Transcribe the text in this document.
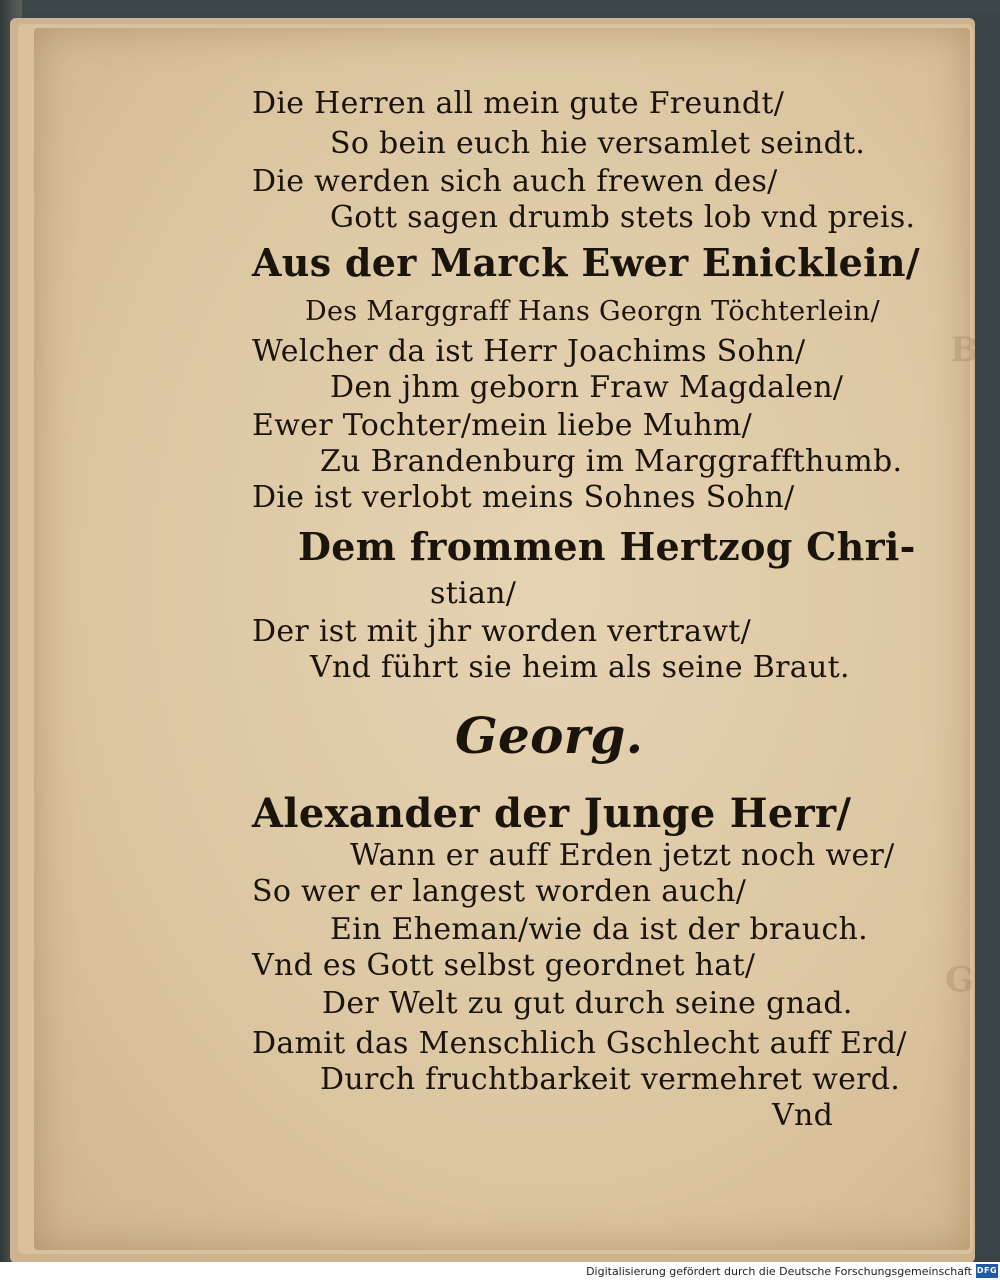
B
G
Die Herren all mein gute Freundt/
So bein euch hie versamlet seindt.
Die werden sich auch frewen des/
Gott sagen drumb stets lob vnd preis.
Aus der Marck Ewer Enicklein/
Des Marggraff Hans Georgn Töchterlein/
Welcher da ist Herr Joachims Sohn/
Den jhm geborn Fraw Magdalen/
Ewer Tochter/mein liebe Muhm/
Zu Brandenburg im Marggraffthumb.
Die ist verlobt meins Sohnes Sohn/
Dem frommen Hertzog Chri-
stian/
Der ist mit jhr worden vertrawt/
Vnd führt sie heim als seine Braut.
Georg.
Alexander der Junge Herr/
Wann er auff Erden jetzt noch wer/
So wer er langest worden auch/
Ein Eheman/wie da ist der brauch.
Vnd es Gott selbst geordnet hat/
Der Welt zu gut durch seine gnad.
Damit das Menschlich Gschlecht auff Erd/
Durch fruchtbarkeit vermehret werd.
Vnd
Digitalisierung gefördert durch die Deutsche Forschungsgemeinschaft DFG
